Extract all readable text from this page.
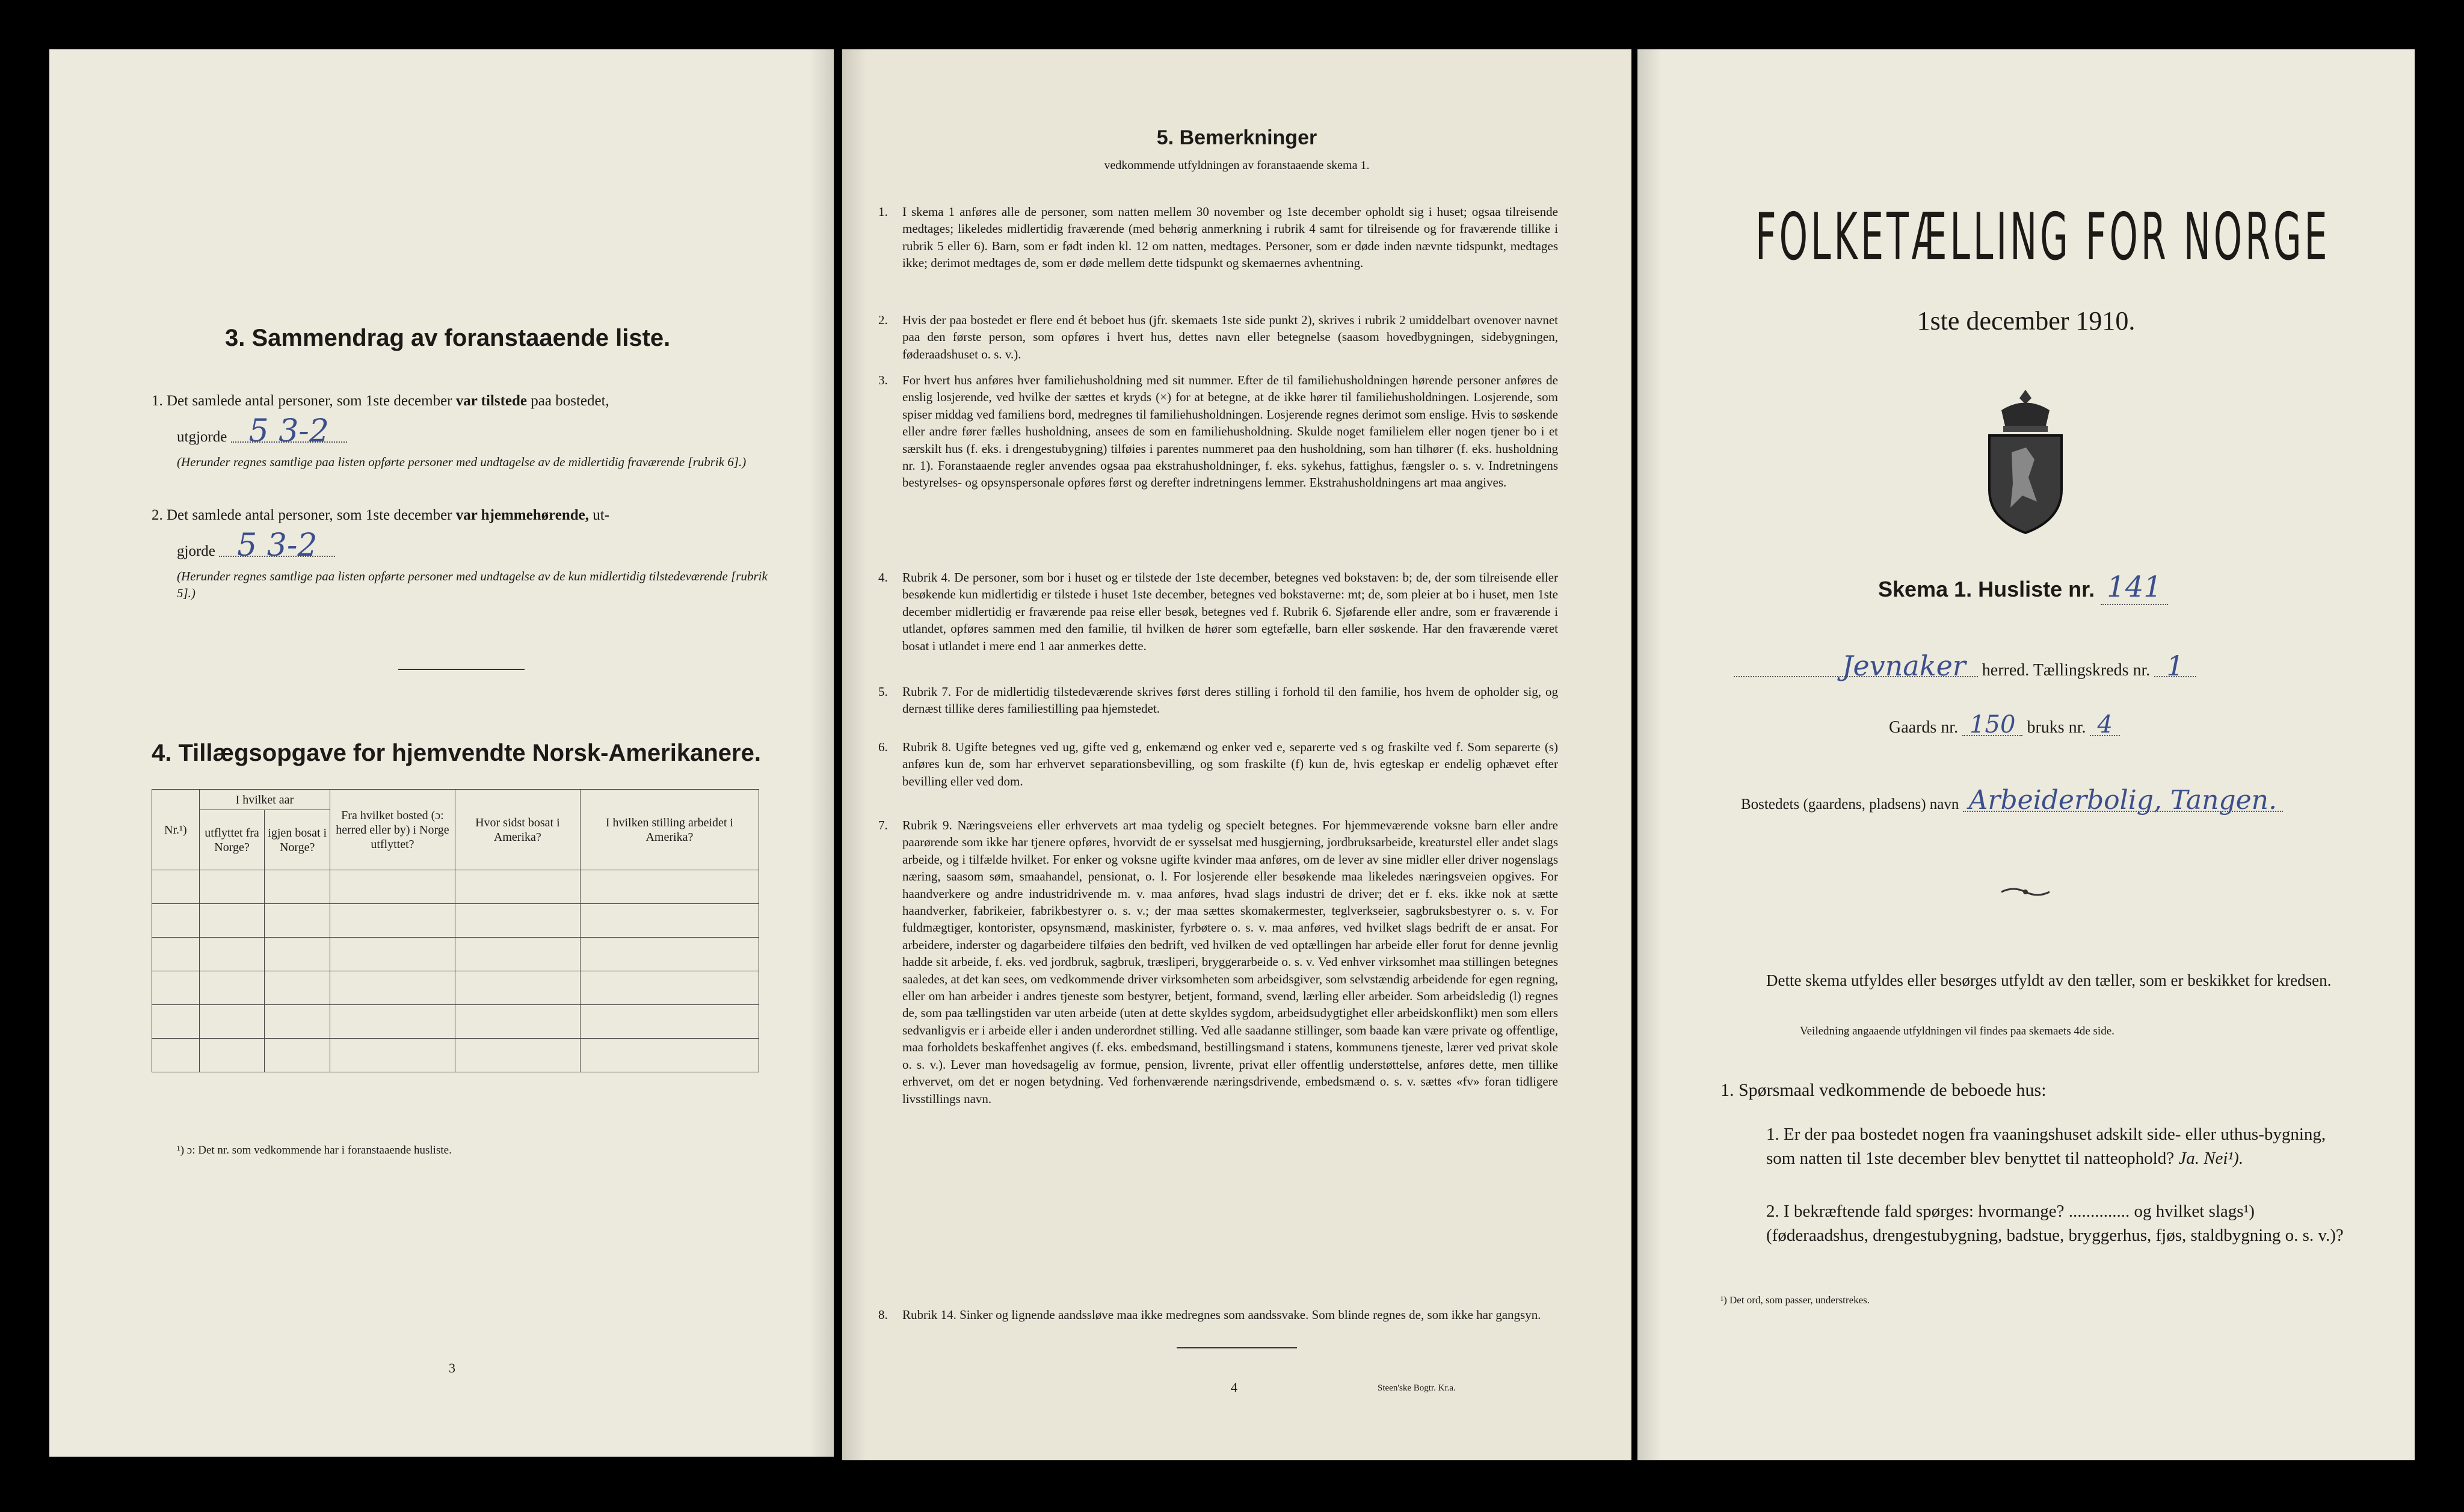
3. Sammendrag av foranstaaende liste.
1. Det samlede antal personer, som 1ste december var tilstede paa bostedet,
utgjorde 5 3-2
(Herunder regnes samtlige paa listen opførte personer med undtagelse av de midlertidig fraværende [rubrik 6].)
2. Det samlede antal personer, som 1ste december var hjemmehørende, ut-
gjorde 5 3-2
(Herunder regnes samtlige paa listen opførte personer med undtagelse av de kun midlertidig tilstedeværende [rubrik 5].)
4. Tillægsopgave for hjemvendte Norsk-Amerikanere.
Nr.¹)	I hvilket aar		Fra hvilket bosted (ɔ: herred eller by) i Norge utflyttet?	Hvor sidst bosat i Amerika?	I hvilken stilling arbeidet i Amerika?
	utflyttet fra Norge?	igjen bosat i Norge?			

¹) ɔ: Det nr. som vedkommende har i foranstaaende husliste.
3
5. Bemerkninger
vedkommende utfyldningen av foranstaaende skema 1.
1. I skema 1 anføres alle de personer, som natten mellem 30 november og 1ste december opholdt sig i huset; ogsaa tilreisende medtages; likeledes midlertidig fraværende (med behørig anmerkning i rubrik 4 samt for tilreisende og for fraværende tillike i rubrik 5 eller 6). Barn, som er født inden kl. 12 om natten, medtages. Personer, som er døde inden nævnte tidspunkt, medtages ikke; derimot medtages de, som er døde mellem dette tidspunkt og skemaernes avhentning.
2. Hvis der paa bostedet er flere end ét beboet hus (jfr. skemaets 1ste side punkt 2), skrives i rubrik 2 umiddelbart ovenover navnet paa den første person, som opføres i hvert hus, dettes navn eller betegnelse (saasom hovedbygningen, sidebygningen, føderaadshuset o. s. v.).
3. For hvert hus anføres hver familiehusholdning med sit nummer. Efter de til familiehusholdningen hørende personer anføres de enslig losjerende, ved hvilke der sættes et kryds (×) for at betegne, at de ikke hører til familiehusholdningen. Losjerende, som spiser middag ved familiens bord, medregnes til familiehusholdningen. Losjerende regnes derimot som enslige. Hvis to søskende eller andre fører fælles husholdning, ansees de som en familiehusholdning. Skulde noget familielem eller nogen tjener bo i et særskilt hus (f. eks. i drengestubygning) tilføies i parentes nummeret paa den husholdning, som han tilhører (f. eks. husholdning nr. 1). Foranstaaende regler anvendes ogsaa paa ekstrahusholdninger, f. eks. sykehus, fattighus, fængsler o. s. v. Indretningens bestyrelses- og opsynspersonale opføres først og derefter indretningens lemmer. Ekstrahusholdningens art maa angives.
4. Rubrik 4. De personer, som bor i huset og er tilstede der 1ste december, betegnes ved bokstaven: b; de, der som tilreisende eller besøkende kun midlertidig er tilstede i huset 1ste december, betegnes ved bokstaverne: mt; de, som pleier at bo i huset, men 1ste december midlertidig er fraværende paa reise eller besøk, betegnes ved f. Rubrik 6. Sjøfarende eller andre, som er fraværende i utlandet, opføres sammen med den familie, til hvilken de hører som egtefælle, barn eller søskende. Har den fraværende været bosat i utlandet i mere end 1 aar anmerkes dette.
5. Rubrik 7. For de midlertidig tilstedeværende skrives først deres stilling i forhold til den familie, hos hvem de opholder sig, og dernæst tillike deres familiestilling paa hjemstedet.
6. Rubrik 8. Ugifte betegnes ved ug, gifte ved g, enkemænd og enker ved e, separerte ved s og fraskilte ved f. Som separerte (s) anføres kun de, som har erhvervet separationsbevilling, og som fraskilte (f) kun de, hvis egteskap er endelig ophævet efter bevilling eller ved dom.
7. Rubrik 9. Næringsveiens eller erhvervets art maa tydelig og specielt betegnes. For hjemmeværende voksne barn eller andre paarørende som ikke har tjenere opføres, hvorvidt de er sysselsat med husgjerning, jordbruksarbeide, kreaturstel eller andet slags arbeide, og i tilfælde hvilket. For enker og voksne ugifte kvinder maa anføres, om de lever av sine midler eller driver nogenslags næring, saasom søm, smaahandel, pensionat, o. l. For losjerende eller besøkende maa likeledes næringsveien opgives. For haandverkere og andre industridrivende m. v. maa anføres, hvad slags industri de driver; det er f. eks. ikke nok at sætte haandverker, fabrikeier, fabrikbestyrer o. s. v.; der maa sættes skomakermester, teglverkseier, sagbruksbestyrer o. s. v. For fuldmægtiger, kontorister, opsynsmænd, maskinister, fyrbøtere o. s. v. maa anføres, ved hvilket slags bedrift de er ansat. For arbeidere, inderster og dagarbeidere tilføies den bedrift, ved hvilken de ved optællingen har arbeide eller forut for denne jevnlig hadde sit arbeide, f. eks. ved jordbruk, sagbruk, træsliperi, bryggerarbeide o. s. v. Ved enhver virksomhet maa stillingen betegnes saaledes, at det kan sees, om vedkommende driver virksomheten som arbeidsgiver, som selvstændig arbeidende for egen regning, eller om han arbeider i andres tjeneste som bestyrer, betjent, formand, svend, lærling eller arbeider. Som arbeidsledig (l) regnes de, som paa tællingstiden var uten arbeide (uten at dette skyldes sygdom, arbeidsudygtighet eller arbeidskonflikt) men som ellers sedvanligvis er i arbeide eller i anden underordnet stilling. Ved alle saadanne stillinger, som baade kan være private og offentlige, maa forholdets beskaffenhet angives (f. eks. embedsmand, bestillingsmand i statens, kommunens tjeneste, lærer ved privat skole o. s. v.). Lever man hovedsagelig av formue, pension, livrente, privat eller offentlig understøttelse, anføres dette, men tillike erhvervet, om det er nogen betydning. Ved forhenværende næringsdrivende, embedsmænd o. s. v. sættes «fv» foran tidligere livsstillings navn.
8. Rubrik 14. Sinker og lignende aandssløve maa ikke medregnes som aandssvake. Som blinde regnes de, som ikke har gangsyn.
4	Steen'ske Bogtr. Kr.a.
FOLKETÆLLING FOR NORGE
1ste december 1910.
Skema 1. Husliste nr. 141
Jevnaker herred. Tællingskreds nr. 1
Gaards nr. 150 bruks nr. 4
Bostedets (gaardens, pladsens) navn Arbeiderbolig, Tangen.
Dette skema utfyldes eller besørges utfyldt av den tæller, som er beskikket for kredsen.
Veiledning angaaende utfyldningen vil findes paa skemaets 4de side.
1. Spørsmaal vedkommende de beboede hus:
1. Er der paa bostedet nogen fra vaaningshuset adskilt side- eller uthus-bygning, som natten til 1ste december blev benyttet til natteophold? Ja. Nei¹).
2. I bekræftende fald spørges: hvormange? .............. og hvilket slags¹) (føderaadshus, drengestubygning, badstue, bryggerhus, fjøs, staldbygning o. s. v.)?
¹) Det ord, som passer, understrekes.
